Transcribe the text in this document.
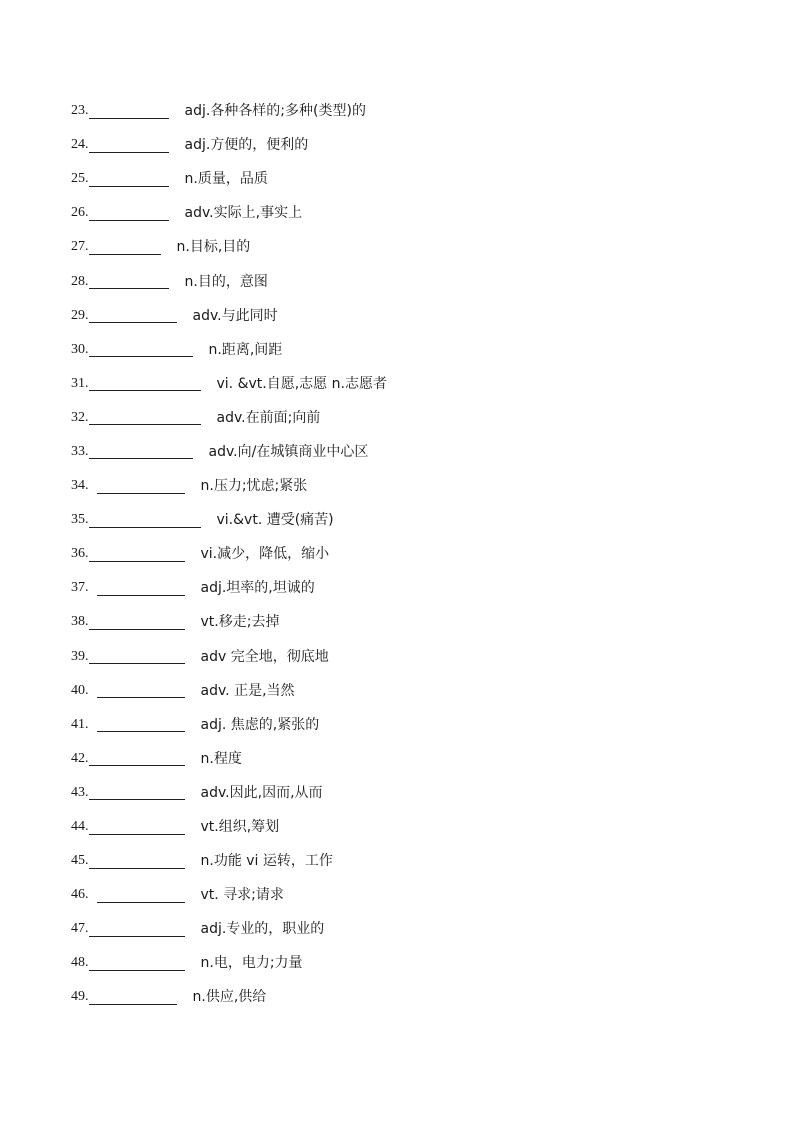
23.	adj.各种各样的;多种(类型)的
24.	adj.方便的，便利的
25.	n.质量，品质
26.	adv.实际上,事实上
27.	n.目标,目的
28.	n.目的，意图
29.	adv.与此同时
30.	n.距离,间距
31.	vi. &vt.自愿,志愿 n.志愿者
32.	adv.在前面;向前
33.	adv.向/在城镇商业中心区
34.	n.压力;忧虑;紧张
35.	vi.&vt. 遭受(痛苦)
36.	vi.减少，降低，缩小
37.	adj.坦率的,坦诚的
38.	vt.移走;去掉
39.	adv 完全地，彻底地
40.	adv. 正是,当然
41.	adj. 焦虑的,紧张的
42.	n.程度
43.	adv.因此,因而,从而
44.	vt.组织,筹划
45.	n.功能 vi 运转，工作
46.	vt. 寻求;请求
47.	adj.专业的，职业的
48.	n.电，电力;力量
49.	n.供应,供给
